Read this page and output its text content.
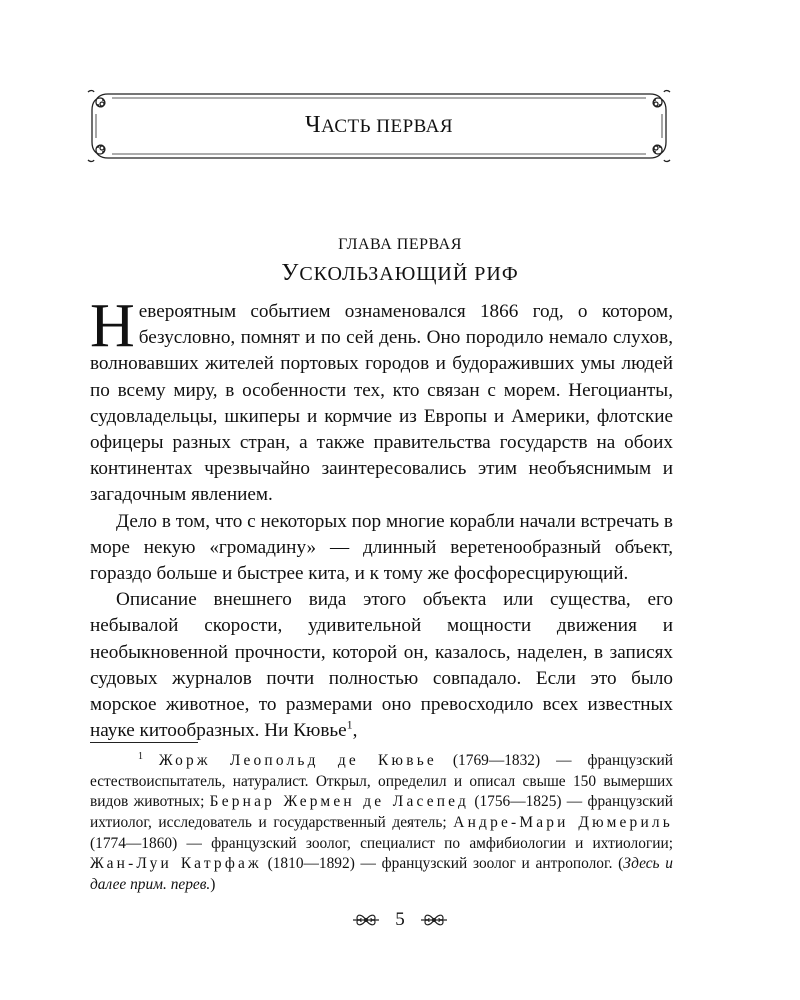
ЧАСТЬ ПЕРВАЯ
ГЛАВА ПЕРВАЯ
УСКОЛЬЗАЮЩИЙ РИФ

Невероятным событием ознаменовался 1866 год, о котором, безусловно, помнят и по сей день. Оно породило немало слухов, волновавших жителей портовых городов и будораживших умы людей по всему миру, в особенности тех, кто связан с морем. Негоцианты, судовладельцы, шкиперы и кормчие из Европы и Америки, флотские офицеры разных стран, а также правительства государств на обоих континентах чрезвычайно заинтересовались этим необъяснимым и загадочным явлением.

Дело в том, что с некоторых пор многие корабли начали встречать в море некую «громадину» — длинный веретенообразный объект, гораздо больше и быстрее кита, и к тому же фосфоресцирующий.

Описание внешнего вида этого объекта или существа, его небывалой скорости, удивительной мощности движения и необыкновенной прочности, которой он, казалось, наделен, в записях судовых журналов почти полностью совпадало. Если это было морское животное, то размерами оно превосходило всех известных науке китообразных. Ни Кювье$^1$,

$^1$ Жорж Леопольд де Кювье (1769—1832) — французский естествоиспытатель, натуралист. Открыл, определил и описал свыше 150 вымерших видов животных; Бернар Жермен де Ласепед (1756—1825) — французский ихтиолог, исследователь и государственный деятель; Андре-Мари Дюмериль (1774—1860) — французский зоолог, специалист по амфибиологии и ихтиологии; Жан-Луи Катрфаж (1810—1892) — французский зоолог и антрополог. (Здесь и далее прим. перев.)
5
